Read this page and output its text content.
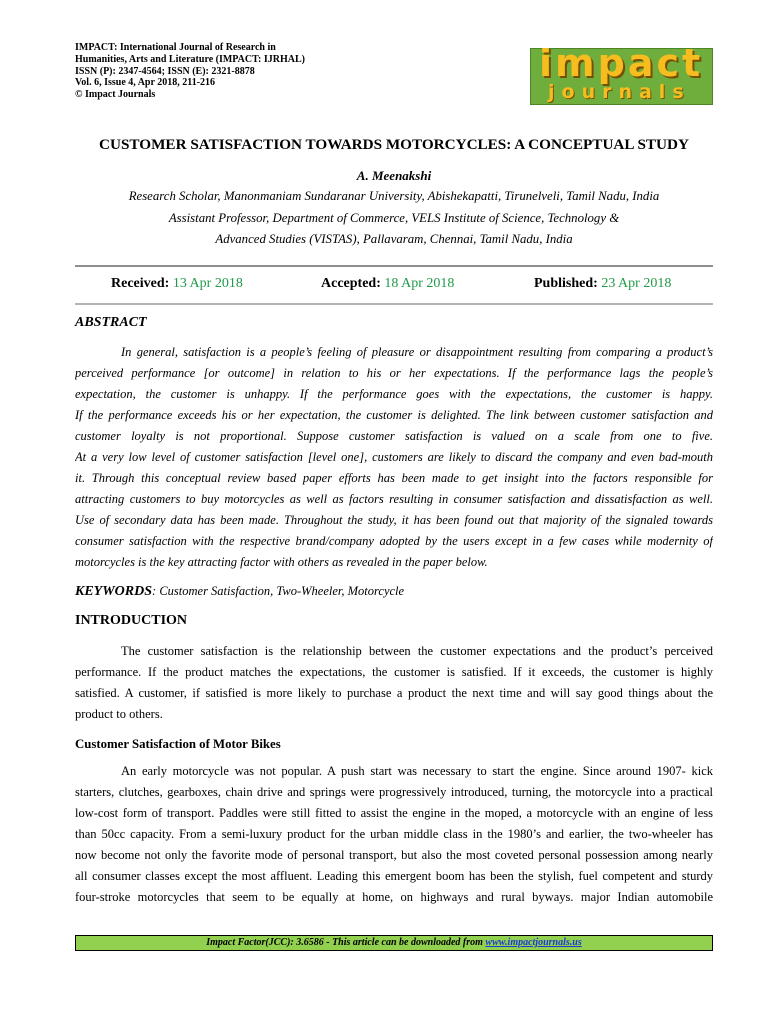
IMPACT: International Journal of Research in
Humanities, Arts and Literature (IMPACT: IJRHAL)
ISSN (P): 2347-4564; ISSN (E): 2321-8878
Vol. 6, Issue 4, Apr 2018, 211-216
© Impact Journals
impact
journals
CUSTOMER SATISFACTION TOWARDS MOTORCYCLES: A CONCEPTUAL STUDY
A. Meenakshi
Research Scholar, Manonmaniam Sundaranar University, Abishekapatti, Tirunelveli, Tamil Nadu, India
Assistant Professor, Department of Commerce, VELS Institute of Science, Technology &
Advanced Studies (VISTAS), Pallavaram, Chennai, Tamil Nadu, India
Received: 13 Apr 2018	Accepted: 18 Apr 2018	Published: 23 Apr 2018
ABSTRACT
In general, satisfaction is a people’s feeling of pleasure or disappointment resulting from comparing a product’s
perceived performance [or outcome] in relation to his or her expectations. If the performance lags the people’s
expectation, the customer is unhappy. If the performance goes with the expectations, the customer is happy.
If the performance exceeds his or her expectation, the customer is delighted. The link between customer satisfaction and
customer loyalty is not proportional. Suppose customer satisfaction is valued on a scale from one to five.
At a very low level of customer satisfaction [level one], customers are likely to discard the company and even bad-mouth
it. Through this conceptual review based paper efforts has been made to get insight into the factors responsible for
attracting customers to buy motorcycles as well as factors resulting in consumer satisfaction and dissatisfaction as well.
Use of secondary data has been made. Throughout the study, it has been found out that majority of the signaled towards
consumer satisfaction with the respective brand/company adopted by the users except in a few cases while modernity of
motorcycles is the key attracting factor with others as revealed in the paper below.
KEYWORDS: Customer Satisfaction, Two-Wheeler, Motorcycle
INTRODUCTION
The customer satisfaction is the relationship between the customer expectations and the product’s perceived
performance. If the product matches the expectations, the customer is satisfied. If it exceeds, the customer is highly
satisfied. A customer, if satisfied is more likely to purchase a product the next time and will say good things about the
product to others.
Customer Satisfaction of Motor Bikes
An early motorcycle was not popular. A push start was necessary to start the engine. Since around 1907- kick
starters, clutches, gearboxes, chain drive and springs were progressively introduced, turning, the motorcycle into a practical
low-cost form of transport. Paddles were still fitted to assist the engine in the moped, a motorcycle with an engine of less
than 50cc capacity. From a semi-luxury product for the urban middle class in the 1980’s and earlier, the two-wheeler has
now become not only the favorite mode of personal transport, but also the most coveted personal possession among nearly
all consumer classes except the most affluent. Leading this emergent boom has been the stylish, fuel competent and sturdy
four-stroke motorcycles that seem to be equally at home, on highways and rural byways. major Indian automobile
Impact Factor(JCC): 3.6586 - This article can be downloaded from www.impactjournals.us
